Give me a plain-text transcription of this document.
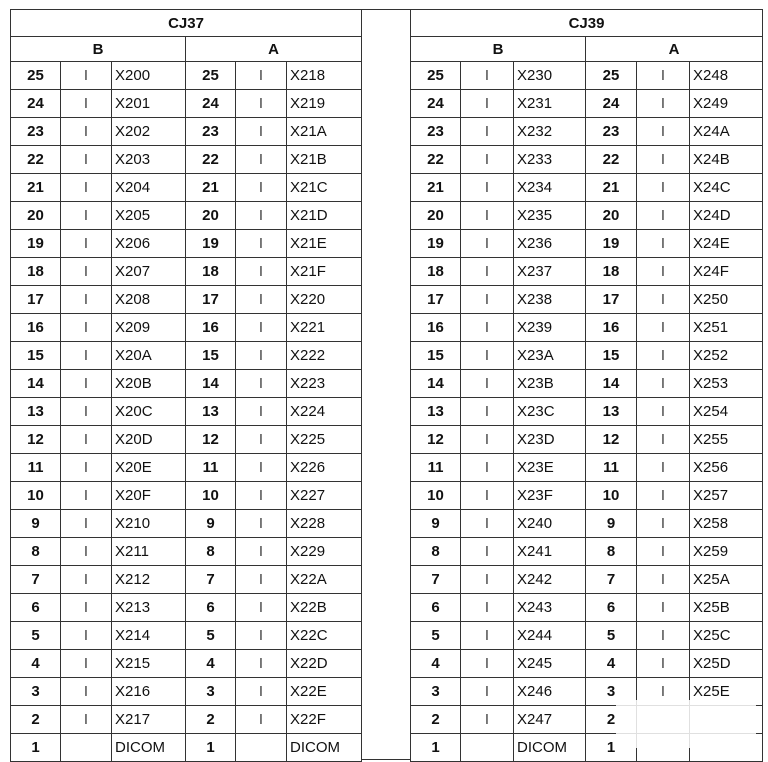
CJ37					
B			A		
25	I	X200	25	I	X218
24	I	X201	24	I	X219
23	I	X202	23	I	X21A
22	I	X203	22	I	X21B
21	I	X204	21	I	X21C
20	I	X205	20	I	X21D
19	I	X206	19	I	X21E
18	I	X207	18	I	X21F
17	I	X208	17	I	X220
16	I	X209	16	I	X221
15	I	X20A	15	I	X222
14	I	X20B	14	I	X223
13	I	X20C	13	I	X224
12	I	X20D	12	I	X225
11	I	X20E	11	I	X226
10	I	X20F	10	I	X227
9	I	X210	9	I	X228
8	I	X211	8	I	X229
7	I	X212	7	I	X22A
6	I	X213	6	I	X22B
5	I	X214	5	I	X22C
4	I	X215	4	I	X22D
3	I	X216	3	I	X22E
2	I	X217	2	I	X22F
1		DICOM	1		DICOM
CJ39					
B			A		
25	I	X230	25	I	X248
24	I	X231	24	I	X249
23	I	X232	23	I	X24A
22	I	X233	22	I	X24B
21	I	X234	21	I	X24C
20	I	X235	20	I	X24D
19	I	X236	19	I	X24E
18	I	X237	18	I	X24F
17	I	X238	17	I	X250
16	I	X239	16	I	X251
15	I	X23A	15	I	X252
14	I	X23B	14	I	X253
13	I	X23C	13	I	X254
12	I	X23D	12	I	X255
11	I	X23E	11	I	X256
10	I	X23F	10	I	X257
9	I	X240	9	I	X258
8	I	X241	8	I	X259
7	I	X242	7	I	X25A
6	I	X243	6	I	X25B
5	I	X244	5	I	X25C
4	I	X245	4	I	X25D
3	I	X246	3	I	X25E
2	I	X247	2		
1		DICOM	1		
